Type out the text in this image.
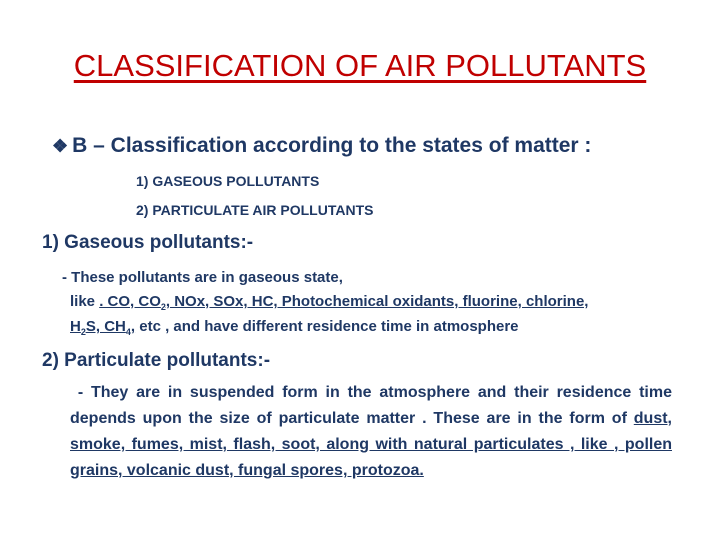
CLASSIFICATION OF AIR POLLUTANTS
❖ B – Classification according to the states of matter :
1) GASEOUS POLLUTANTS
2) PARTICULATE AIR POLLUTANTS
1) Gaseous pollutants:-
- These pollutants are in gaseous state,
like . CO, $CO_2$, NOx, SOx, HC, Photochemical oxidants, fluorine, chlorine,
$H_2S$, $CH_4$, etc , and have different residence time in atmosphere
2) Particulate pollutants:-
- They are in suspended form in the atmosphere and their residence time depends upon the size of particulate matter . These are in the form of dust, smoke, fumes, mist, flash, soot, along with natural particulates , like , pollen grains, volcanic dust, fungal spores, protozoa.
